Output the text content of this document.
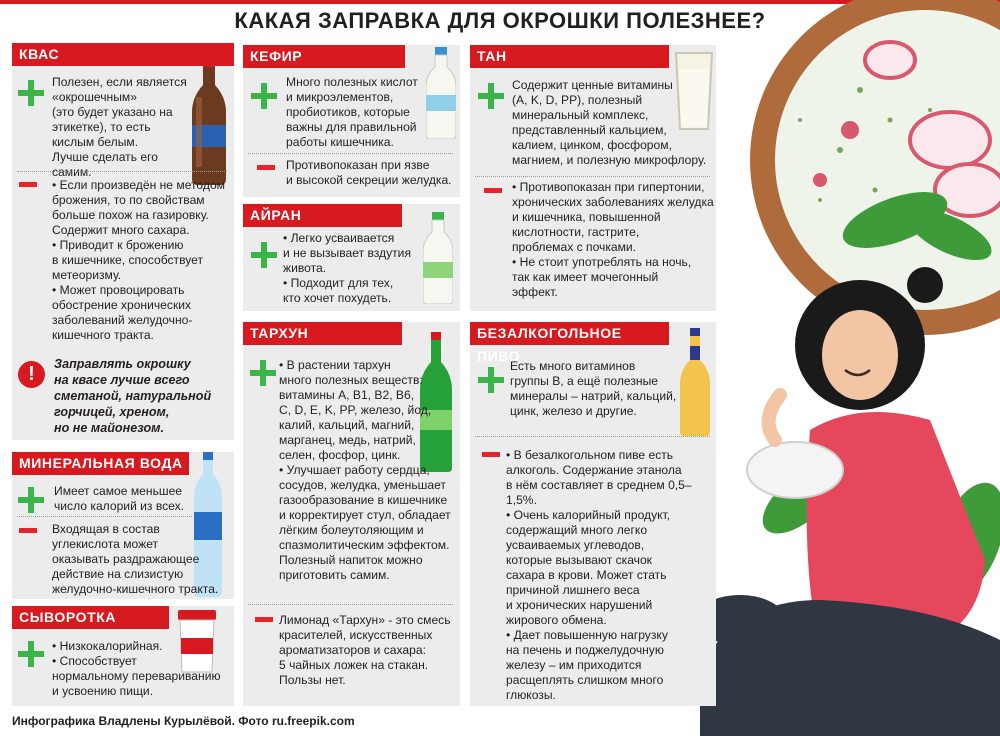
КАКАЯ ЗАПРАВКА ДЛЯ ОКРОШКИ ПОЛЕЗНЕЕ?
КВАС
Полезен, если является
«окрошечным»
(это будет указано на
этикетке), то есть
кислым белым.
Лучше сделать его самим.
• Если произведён не методом
брожения, то по свойствам
больше похож на газировку.
Содержит много сахара.
• Приводит к брожению
в кишечнике, способствует
метеоризму.
• Может провоцировать
обострение хронических
заболеваний желудочно-
кишечного тракта.
!	Заправлять окрошку
на квасе лучше всего
сметаной, натуральной
горчицей, хреном,
но не майонезом.
МИНЕРАЛЬНАЯ ВОДА
Имеет самое меньшее
число калорий из всех.
Входящая в состав
углекислота может
оказывать раздражающее
действие на слизистую
желудочно-кишечного тракта.
СЫВОРОТКА
• Низкокалорийная.
• Способствует
нормальному перевариванию
и усвоению пищи.
КЕФИР
Много полезных кислот
и микроэлементов,
пробиотиков, которые
важны для правильной
работы кишечника.
Противопоказан при язве
и высокой секреции желудка.
АЙРАН
• Легко усваивается
и не вызывает вздутия
живота.
• Подходит для тех,
кто хочет похудеть.
ТАРХУН
• В растении тархун
много полезных веществ:
витамины A, B1, B2, B6,
C, D, E, K, PP, железо, йод,
калий, кальций, магний,
марганец, медь, натрий,
селен, фосфор, цинк.
• Улучшает работу сердца,
сосудов, желудка, уменьшает
газообразование в кишечнике
и корректирует стул, обладает
лёгким болеутоляющим и
спазмолитическим эффектом.
Полезный напиток можно
приготовить самим.
Лимонад «Тархун» - это смесь
красителей, искусственных
ароматизаторов и сахара:
5 чайных ложек на стакан.
Пользы нет.
ТАН
Содержит ценные витамины
(A, K, D, PP), полезный
минеральный комплекс,
представленный кальцием,
калием, цинком, фосфором,
магнием, и полезную микрофлору.
• Противопоказан при гипертонии,
хронических заболеваниях желудка
и кишечника, повышенной
кислотности, гастрите,
проблемах с почками.
• Не стоит употреблять на ночь,
так как имеет мочегонный
эффект.
БЕЗАЛКОГОЛЬНОЕ ПИВО
Есть много витаминов
группы B, а ещё полезные
минералы – натрий, кальций,
цинк, железо и другие.
• В безалкогольном пиве есть
алкоголь. Содержание этанола
в нём составляет в среднем 0,5–1,5%.
• Очень калорийный продукт,
содержащий много легко
усваиваемых углеводов,
которые вызывают скачок
сахара в крови. Может стать
причиной лишнего веса
и хронических нарушений
жирового обмена.
• Дает повышенную нагрузку
на печень и поджелудочную
железу – им приходится
расщеплять слишком много
глюкозы.
Инфографика Владлены Курылёвой. Фото ru.freepik.com
